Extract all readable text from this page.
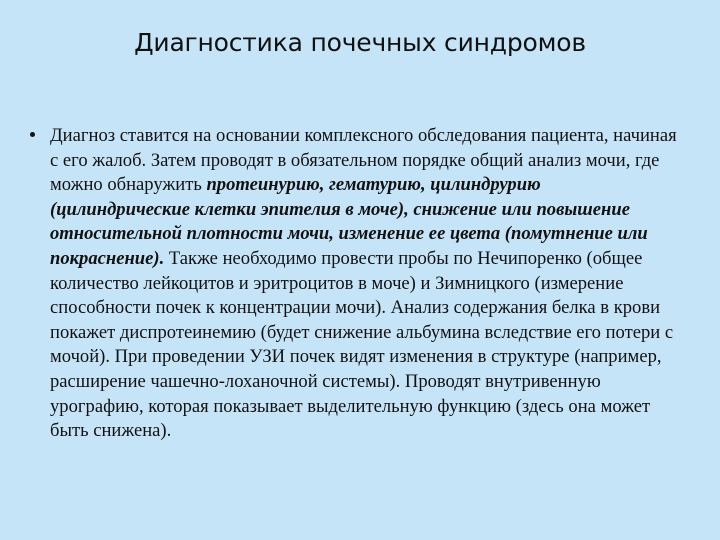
Диагностика почечных синдромов

Диагноз ставится на основании комплексного обследования пациента, начиная с его жалоб. Затем проводят в обязательном порядке общий анализ мочи, где можно обнаружить протеинурию, гематурию, цилиндрурию (цилиндрические клетки эпителия в моче), снижение или повышение относительной плотности мочи, изменение ее цвета (помутнение или покраснение). Также необходимо провести пробы по Нечипоренко (общее количество лейкоцитов и эритроцитов в моче) и Зимницкого (измерение способности почек к концентрации мочи). Анализ содержания белка в крови покажет диспротеинемию (будет снижение альбумина вследствие его потери с мочой). При проведении УЗИ почек видят изменения в структуре (например, расширение чашечно-лоханочной системы). Проводят внутривенную урографию, которая показывает выделительную функцию (здесь она может быть снижена).
